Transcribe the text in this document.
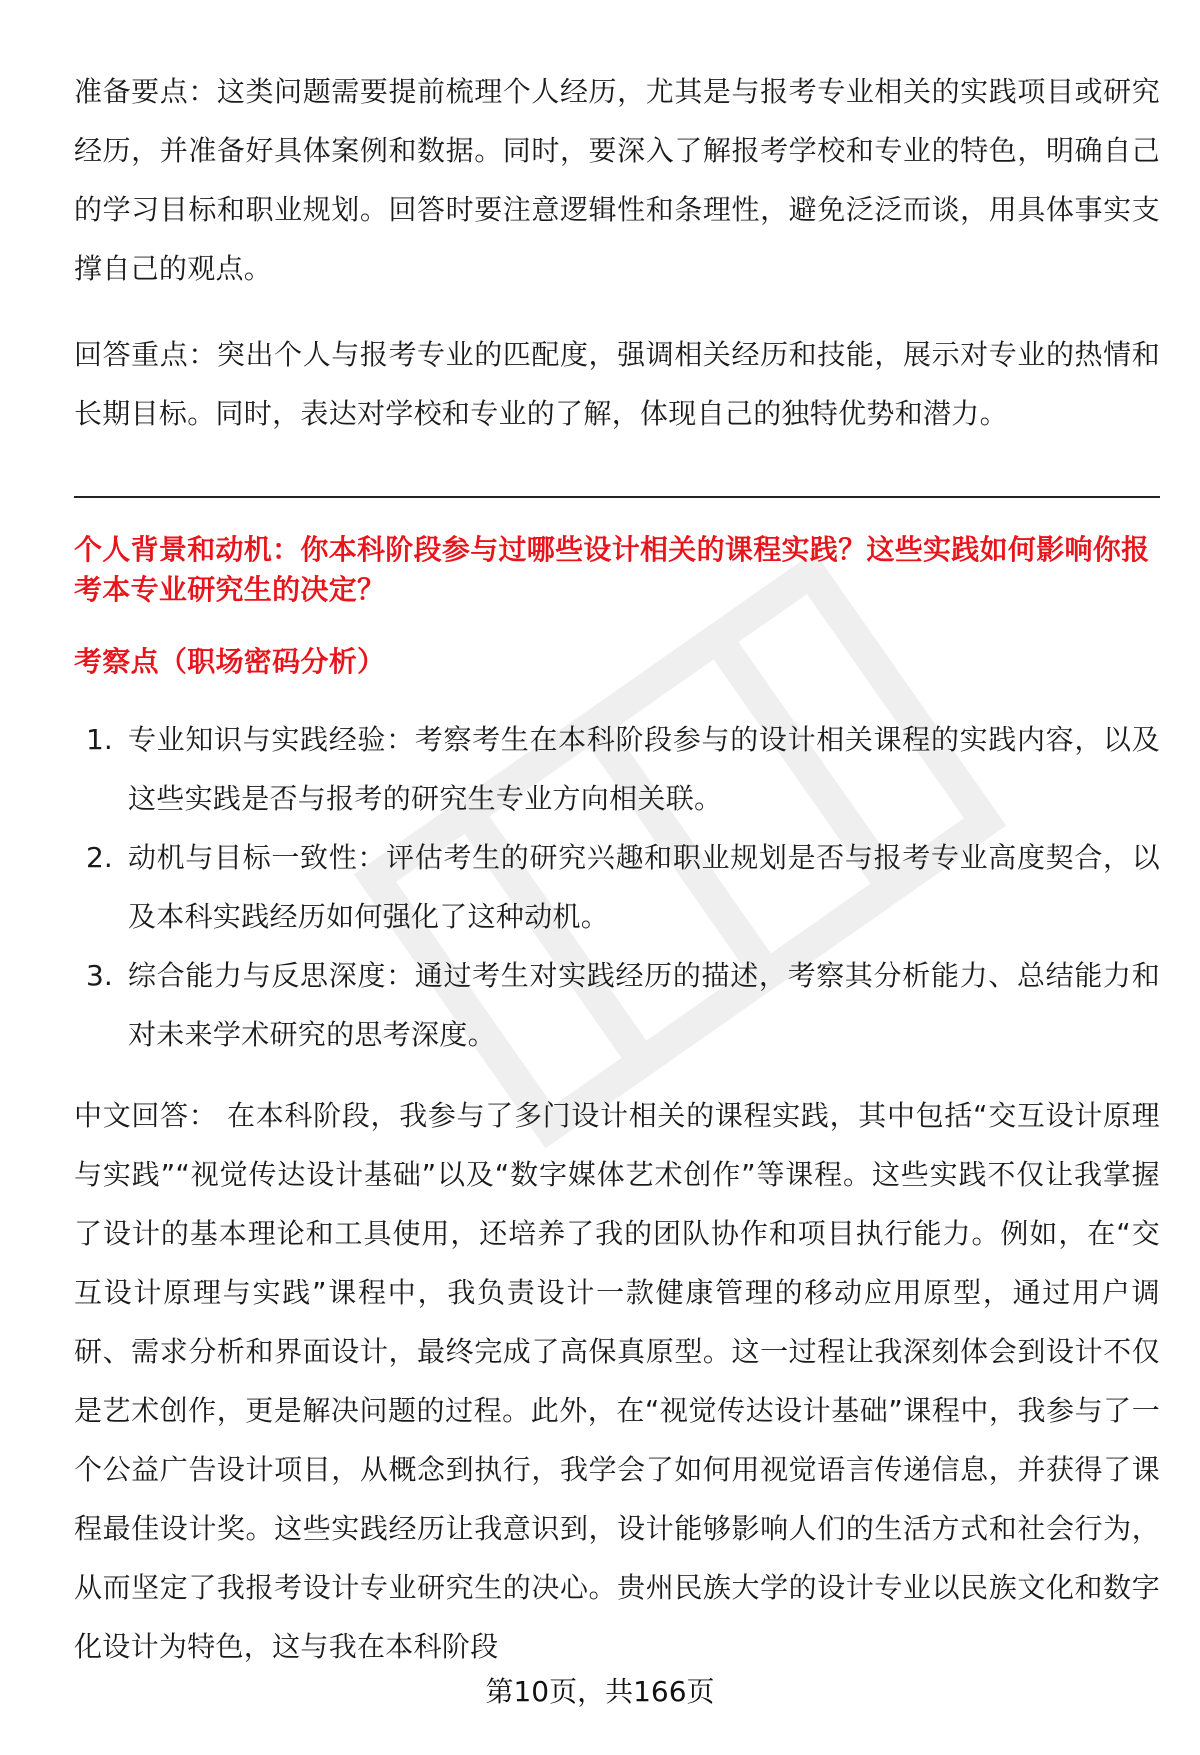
准备要点：这类问题需要提前梳理个人经历，尤其是与报考专业相关的实践项目或研究经历，并准备好具体案例和数据。同时，要深入了解报考学校和专业的特色，明确自己的学习目标和职业规划。回答时要注意逻辑性和条理性，避免泛泛而谈，用具体事实支撑自己的观点。

回答重点：突出个人与报考专业的匹配度，强调相关经历和技能，展示对专业的热情和长期目标。同时，表达对学校和专业的了解，体现自己的独特优势和潜力。

个人背景和动机：你本科阶段参与过哪些设计相关的课程实践？这些实践如何影响你报考本专业研究生的决定？

考察点（职场密码分析）

1. 专业知识与实践经验：考察考生在本科阶段参与的设计相关课程的实践内容，以及这些实践是否与报考的研究生专业方向相关联。
2. 动机与目标一致性：评估考生的研究兴趣和职业规划是否与报考专业高度契合，以及本科实践经历如何强化了这种动机。
3. 综合能力与反思深度：通过考生对实践经历的描述，考察其分析能力、总结能力和对未来学术研究的思考深度。

中文回答： 在本科阶段，我参与了多门设计相关的课程实践，其中包括“交互设计原理与实践”“视觉传达设计基础”以及“数字媒体艺术创作”等课程。这些实践不仅让我掌握了设计的基本理论和工具使用，还培养了我的团队协作和项目执行能力。例如，在“交互设计原理与实践”课程中，我负责设计一款健康管理的移动应用原型，通过用户调研、需求分析和界面设计，最终完成了高保真原型。这一过程让我深刻体会到设计不仅是艺术创作，更是解决问题的过程。此外，在“视觉传达设计基础”课程中，我参与了一个公益广告设计项目，从概念到执行，我学会了如何用视觉语言传递信息，并获得了课程最佳设计奖。这些实践经历让我意识到，设计能够影响人们的生活方式和社会行为，从而坚定了我报考设计专业研究生的决心。贵州民族大学的设计专业以民族文化和数字化设计为特色，这与我在本科阶段

第10页，共166页
